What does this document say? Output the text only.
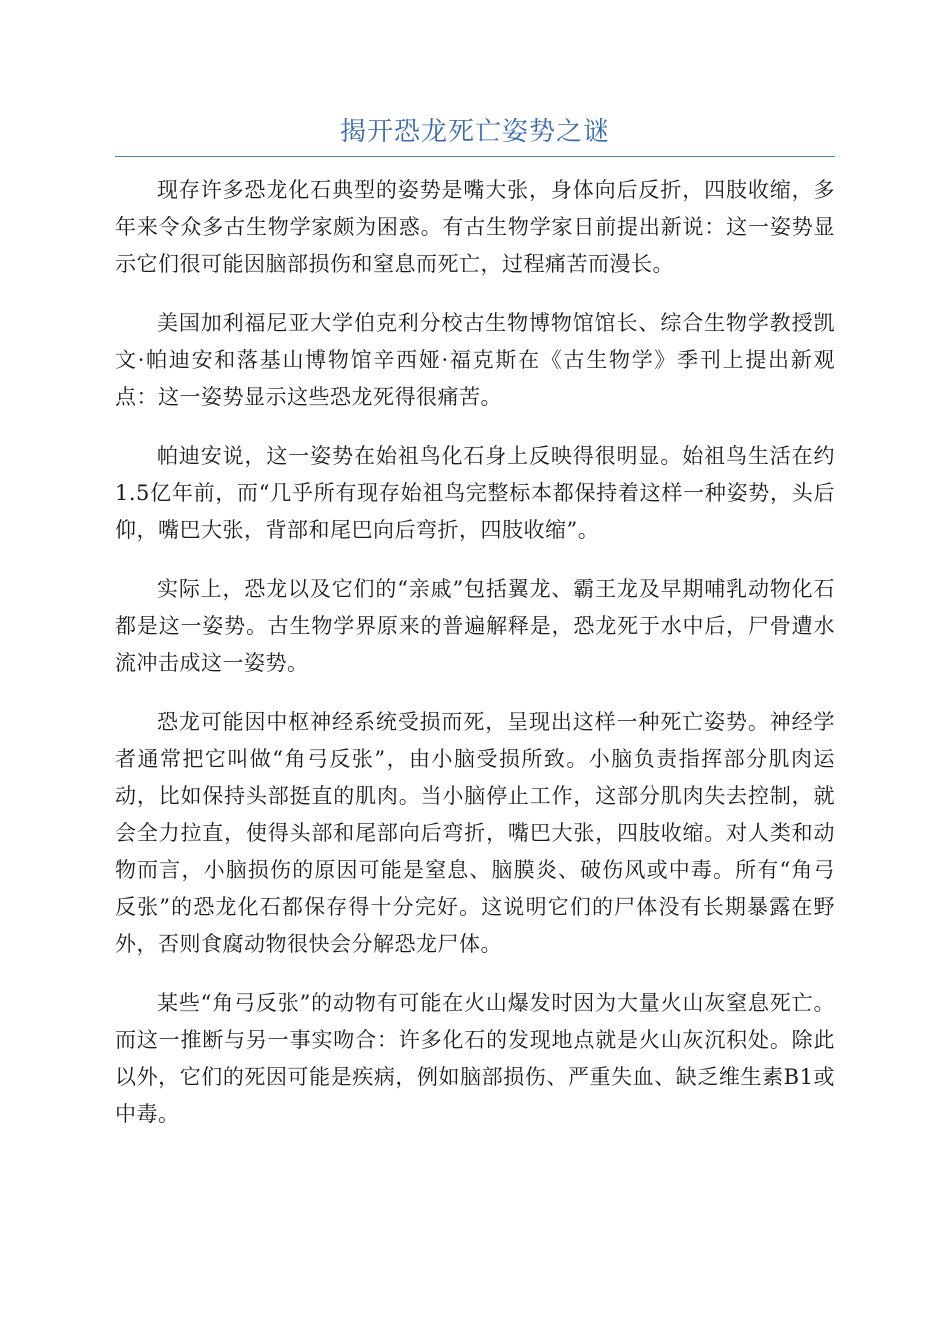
揭开恐龙死亡姿势之谜

现存许多恐龙化石典型的姿势是嘴大张，身体向后反折，四肢收缩，多年来令众多古生物学家颇为困惑。有古生物学家日前提出新说：这一姿势显示它们很可能因脑部损伤和窒息而死亡，过程痛苦而漫长。

美国加利福尼亚大学伯克利分校古生物博物馆馆长、综合生物学教授凯文·帕迪安和落基山博物馆辛西娅·福克斯在《古生物学》季刊上提出新观点：这一姿势显示这些恐龙死得很痛苦。

帕迪安说，这一姿势在始祖鸟化石身上反映得很明显。始祖鸟生活在约1.5亿年前，而“几乎所有现存始祖鸟完整标本都保持着这样一种姿势，头后仰，嘴巴大张，背部和尾巴向后弯折，四肢收缩”。

实际上，恐龙以及它们的“亲戚”包括翼龙、霸王龙及早期哺乳动物化石都是这一姿势。古生物学界原来的普遍解释是，恐龙死于水中后，尸骨遭水流冲击成这一姿势。

恐龙可能因中枢神经系统受损而死，呈现出这样一种死亡姿势。神经学者通常把它叫做“角弓反张”，由小脑受损所致。小脑负责指挥部分肌肉运动，比如保持头部挺直的肌肉。当小脑停止工作，这部分肌肉失去控制，就会全力拉直，使得头部和尾部向后弯折，嘴巴大张，四肢收缩。对人类和动物而言，小脑损伤的原因可能是窒息、脑膜炎、破伤风或中毒。所有“角弓反张”的恐龙化石都保存得十分完好。这说明它们的尸体没有长期暴露在野外，否则食腐动物很快会分解恐龙尸体。

某些“角弓反张”的动物有可能在火山爆发时因为大量火山灰窒息死亡。而这一推断与另一事实吻合：许多化石的发现地点就是火山灰沉积处。除此以外，它们的死因可能是疾病，例如脑部损伤、严重失血、缺乏维生素B1或中毒。
